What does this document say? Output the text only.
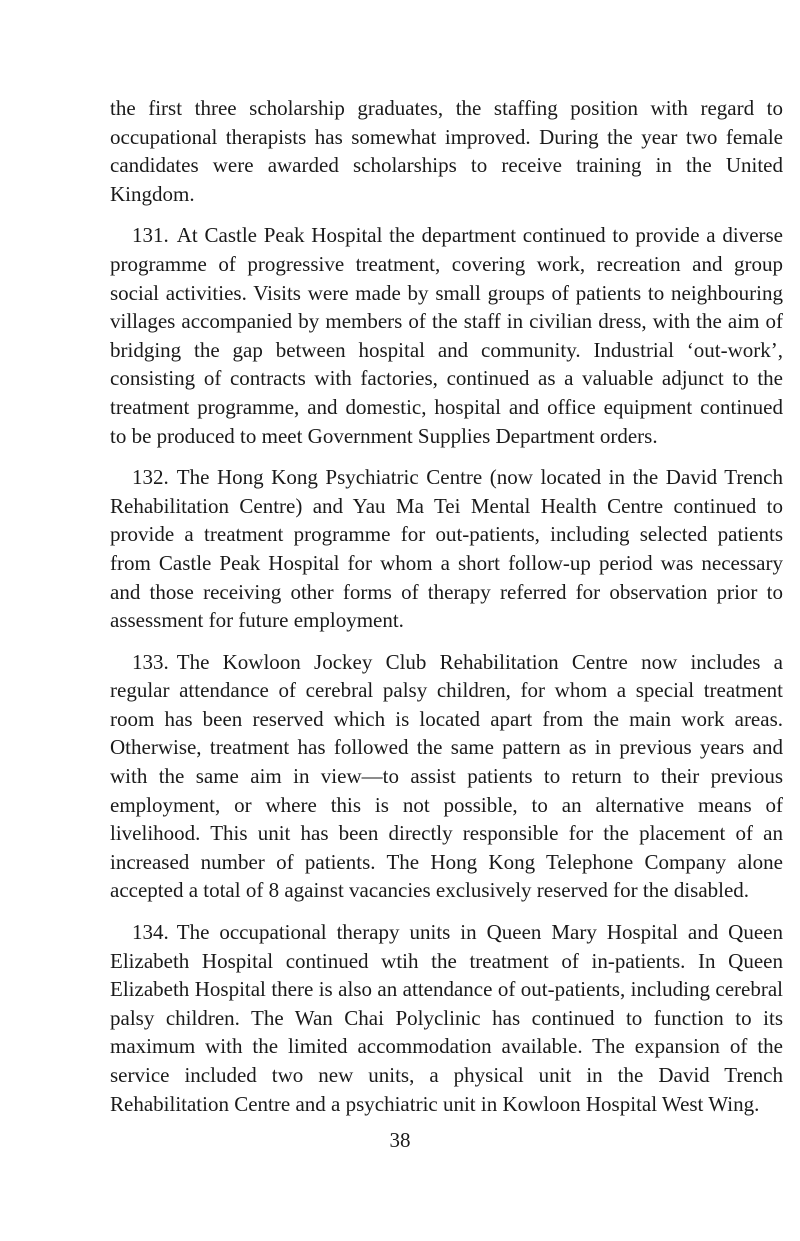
the first three scholarship graduates, the staffing position with regard to occupational therapists has somewhat improved. During the year two female candidates were awarded scholarships to receive training in the United Kingdom.

131. At Castle Peak Hospital the department continued to provide a diverse programme of progressive treatment, covering work, recreation and group social activities. Visits were made by small groups of patients to neighbouring villages accompanied by members of the staff in civilian dress, with the aim of bridging the gap between hospital and community. Industrial ‘out-work’, consisting of contracts with factories, continued as a valuable adjunct to the treatment programme, and domestic, hospital and office equipment continued to be produced to meet Government Supplies Department orders.

132. The Hong Kong Psychiatric Centre (now located in the David Trench Rehabilitation Centre) and Yau Ma Tei Mental Health Centre continued to provide a treatment programme for out-patients, including selected patients from Castle Peak Hospital for whom a short follow-up period was necessary and those receiving other forms of therapy referred for observation prior to assessment for future employment.

133. The Kowloon Jockey Club Rehabilitation Centre now includes a regular attendance of cerebral palsy children, for whom a special treatment room has been reserved which is located apart from the main work areas. Otherwise, treatment has followed the same pattern as in previous years and with the same aim in view—to assist patients to return to their previous employment, or where this is not possible, to an alternative means of livelihood. This unit has been directly responsible for the placement of an increased number of patients. The Hong Kong Telephone Company alone accepted a total of 8 against vacancies exclusively reserved for the disabled.

134. The occupational therapy units in Queen Mary Hospital and Queen Elizabeth Hospital continued wtih the treatment of in-patients. In Queen Elizabeth Hospital there is also an attendance of out-patients, including cerebral palsy children. The Wan Chai Polyclinic has continued to function to its maximum with the limited accommodation available. The expansion of the service included two new units, a physical unit in the David Trench Rehabilitation Centre and a psychiatric unit in Kowloon Hospital West Wing.

38
